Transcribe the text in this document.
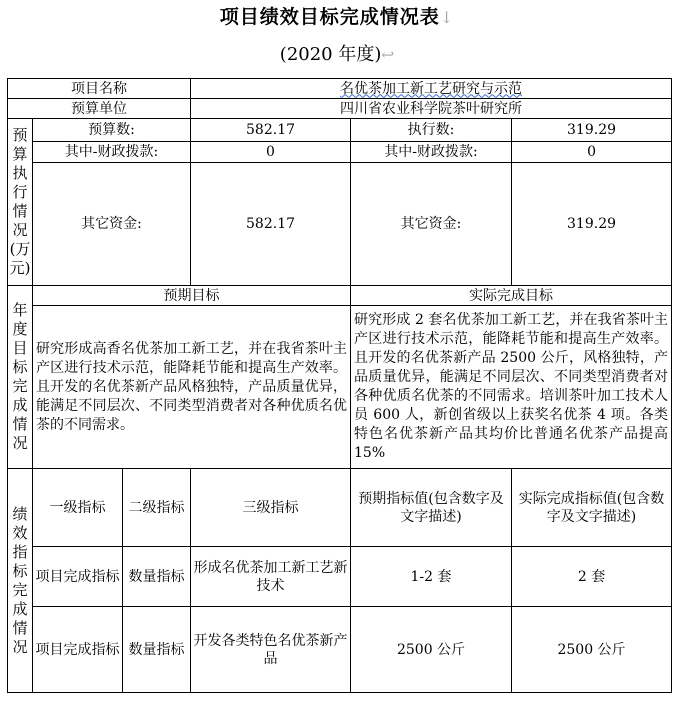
项目绩效目标完成情况表↓
(2020 年度)↩
项目名称			名优茶加工新工艺研究与示范		
预算单位			四川省农业科学院茶叶研究所		
预算执行情况(万元)	预算数:		582.17	执行数:	319.29
	其中-财政拨款:		0	其中-财政拨款:	0
	其它资金:		582.17	其它资金:	319.29
年度目标完成情况	预期目标			实际完成目标	
	研究形成高香名优茶加工新工艺，并在我省茶叶主产区进行技术示范，能降耗节能和提高生产效率。且开发的名优茶新产品风格独特，产品质量优异，能满足不同层次、不同类型消费者对各种优质名优茶的不同需求。			研究形成 2 套名优茶加工新工艺，并在我省茶叶主产区进行技术示范，能降耗节能和提高生产效率。且开发的名优茶新产品 2500 公斤，风格独特，产品质量优异，能满足不同层次、不同类型消费者对各种优质名优茶的不同需求。培训茶叶加工技术人员 600 人，新创省级以上获奖名优茶 4 项。各类特色名优茶新产品其均价比普通名优茶产品提高 15%	
绩效指标完成情况	一级指标	二级指标	三级指标	预期指标值(包含数字及文字描述)	实际完成指标值(包含数字及文字描述)
	项目完成指标	数量指标	形成名优茶加工新工艺新技术	1-2 套	2 套
	项目完成指标	数量指标	开发各类特色名优茶新产品	2500 公斤	2500 公斤
